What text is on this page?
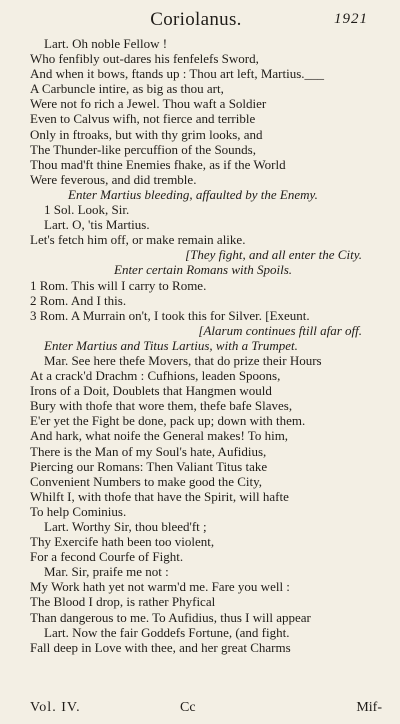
Coriolanus.	1921
Lart. Oh noble Fellow !
Who fenfibly out-dares his fenfelefs Sword,
And when it bows, ftands up : Thou art left, Martius.___
A Carbuncle intire, as big as thou art,
Were not fo rich a Jewel. Thou waft a Soldier
Even to Calvus wifh, not fierce and terrible
Only in ftroaks, but with thy grim looks, and
The Thunder-like percuffion of the Sounds,
Thou mad'ft thine Enemies fhake, as if the World
Were feverous, and did tremble.
Enter Martius bleeding, affaulted by the Enemy.
1 Sol. Look, Sir.
Lart. O, 'tis Martius.
Let's fetch him off, or make remain alike.
[They fight, and all enter the City.
Enter certain Romans with Spoils.
1 Rom. This will I carry to Rome.
2 Rom. And I this.
3 Rom. A Murrain on't, I took this for Silver. [Exeunt.
[Alarum continues ftill afar off.
Enter Martius and Titus Lartius, with a Trumpet.
Mar. See here thefe Movers, that do prize their Hours
At a crack'd Drachm : Cufhions, leaden Spoons,
Irons of a Doit, Doublets that Hangmen would
Bury with thofe that wore them, thefe bafe Slaves,
E'er yet the Fight be done, pack up; down with them.
And hark, what noife the General makes! To him,
There is the Man of my Soul's hate, Aufidius,
Piercing our Romans: Then Valiant Titus take
Convenient Numbers to make good the City,
Whilft I, with thofe that have the Spirit, will hafte
To help Cominius.
Lart. Worthy Sir, thou bleed'ft ;
Thy Exercife hath been too violent,
For a fecond Courfe of Fight.
Mar. Sir, praife me not :
My Work hath yet not warm'd me. Fare you well :
The Blood I drop, is rather Phyfical
Than dangerous to me. To Aufidius, thus I will appear
Lart. Now the fair Goddefs Fortune, (and fight.
Fall deep in Love with thee, and her great Charms
Vol. IV.	Cc	Mif-
